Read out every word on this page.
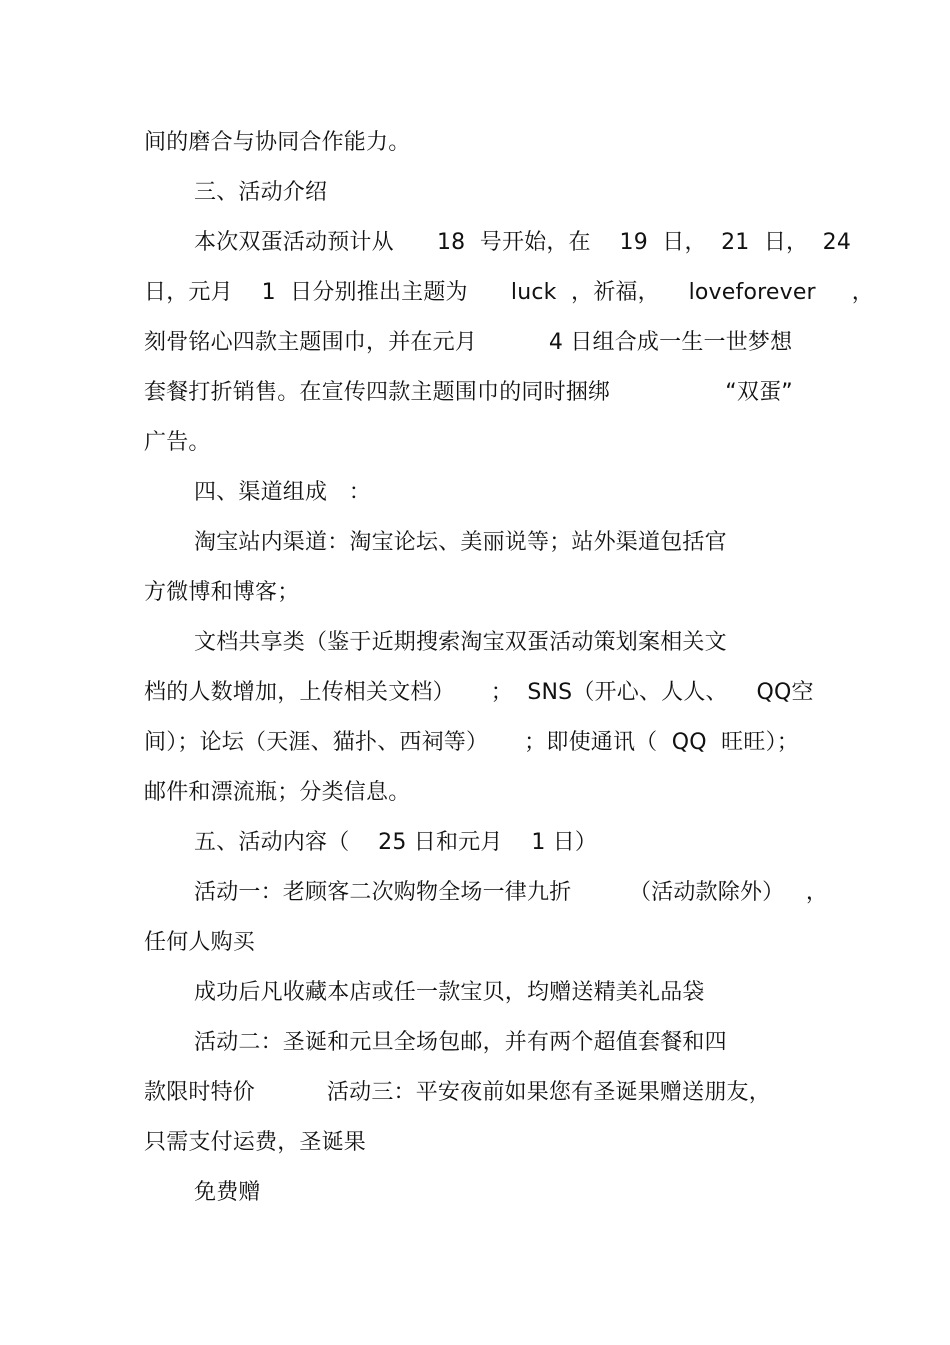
间的磨合与协同合作能力。
三、活动介绍
本次双蛋活动预计从      18  号开始，在    19  日，  21  日，  24
日，元月    1  日分别推出主题为      luck  ，祈福，    loveforever     ，
刻骨铭心四款主题围巾，并在元月          4 日组合成一生一世梦想
套餐打折销售。在宣传四款主题围巾的同时捆绑                “双蛋”
广告。
四、渠道组成   ：
淘宝站内渠道：淘宝论坛、美丽说等；站外渠道包括官
方微博和博客；
文档共享类（鉴于近期搜索淘宝双蛋活动策划案相关文
档的人数增加，上传相关文档）     ；  SNS（开心、人人、    QQ空
间）；论坛（天涯、猫扑、西祠等）     ；即使通讯（  QQ  旺旺）；
邮件和漂流瓶；分类信息。
五、活动内容（    25 日和元月    1 日）
活动一：老顾客二次购物全场一律九折        （活动款除外）   ，
任何人购买
成功后凡收藏本店或任一款宝贝，均赠送精美礼品袋
活动二：圣诞和元旦全场包邮，并有两个超值套餐和四
款限时特价          活动三：平安夜前如果您有圣诞果赠送朋友，
只需支付运费，圣诞果
免费赠
